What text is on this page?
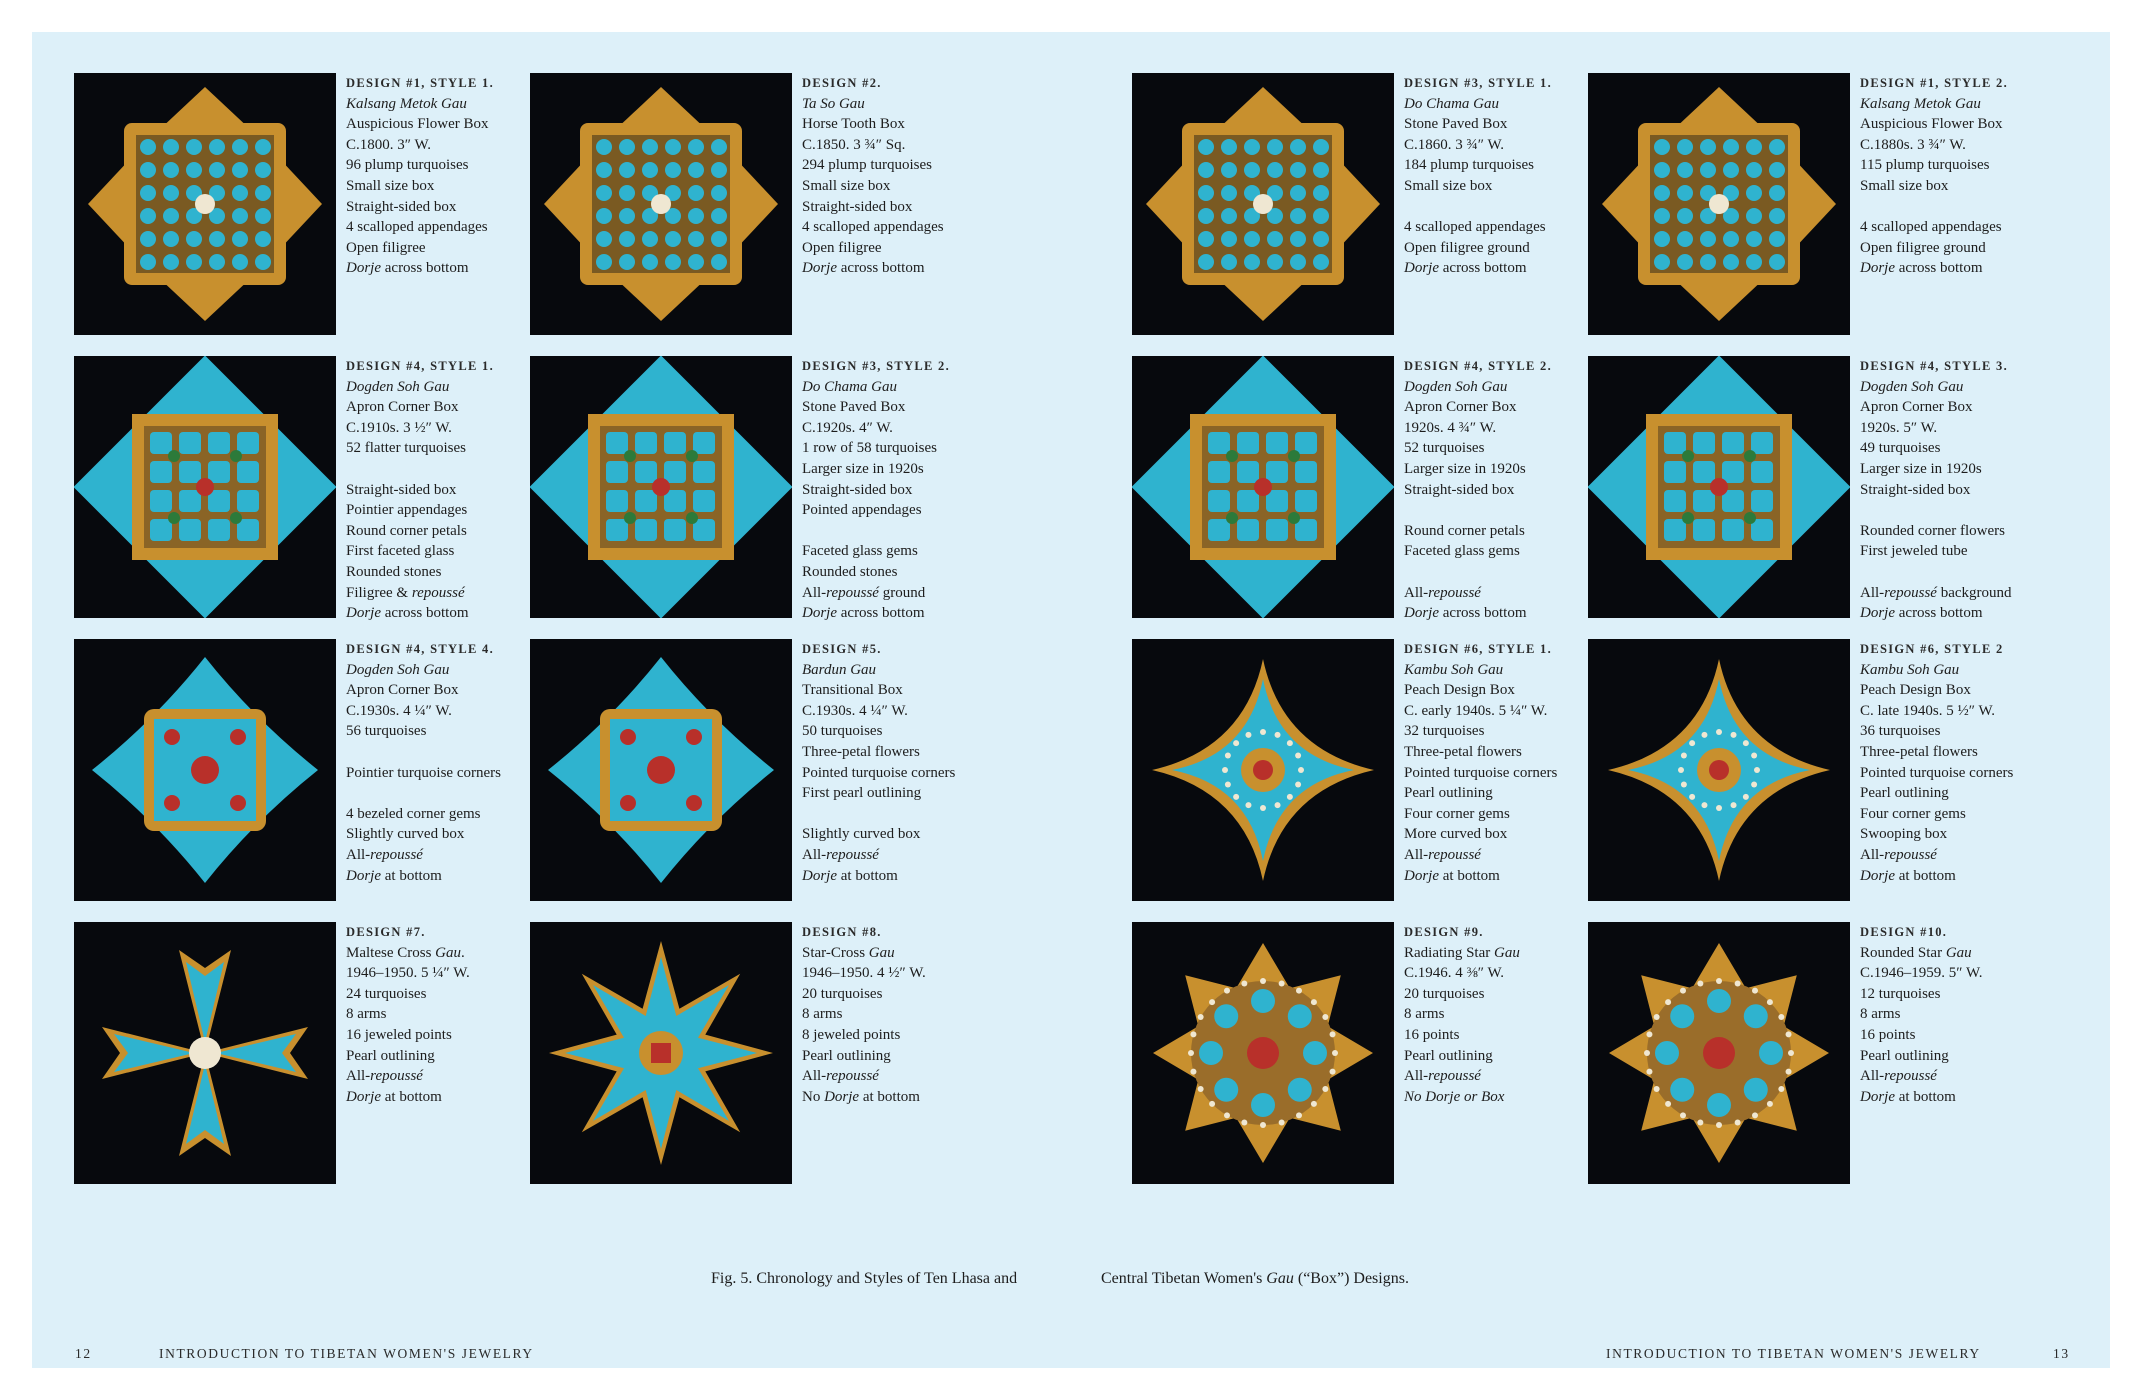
DESIGN #1, STYLE 1.
Kalsang Metok Gau
Auspicious Flower Box
C.1800. 3″ W.
96 plump turquoises
Small size box
Straight-sided box
4 scalloped appendages
Open filigree
Dorje across bottom
DESIGN #2.
Ta So Gau
Horse Tooth Box
C.1850. 3 ¾″ Sq.
294 plump turquoises
Small size box
Straight-sided box
4 scalloped appendages
Open filigree
Dorje across bottom
DESIGN #3, STYLE 1.
Do Chama Gau
Stone Paved Box
C.1860. 3 ¾″ W.
184 plump turquoises
Small size box
4 scalloped appendages
Open filigree ground
Dorje across bottom
DESIGN #1, STYLE 2.
Kalsang Metok Gau
Auspicious Flower Box
C.1880s. 3 ¾″ W.
115 plump turquoises
Small size box
4 scalloped appendages
Open filigree ground
Dorje across bottom
DESIGN #4, STYLE 1.
Dogden Soh Gau
Apron Corner Box
C.1910s. 3 ½″ W.
52 flatter turquoises
Straight-sided box
Pointier appendages
Round corner petals
First faceted glass
Rounded stones
Filigree & repoussé
Dorje across bottom
DESIGN #3, STYLE 2.
Do Chama Gau
Stone Paved Box
C.1920s. 4″ W.
1 row of 58 turquoises
Larger size in 1920s
Straight-sided box
Pointed appendages
Faceted glass gems
Rounded stones
All-repoussé ground
Dorje across bottom
DESIGN #4, STYLE 2.
Dogden Soh Gau
Apron Corner Box
1920s. 4 ¾″ W.
52 turquoises
Larger size in 1920s
Straight-sided box
Round corner petals
Faceted glass gems
All-repoussé
Dorje across bottom
DESIGN #4, STYLE 3.
Dogden Soh Gau
Apron Corner Box
1920s. 5″ W.
49 turquoises
Larger size in 1920s
Straight-sided box
Rounded corner flowers
First jeweled tube
All-repoussé background
Dorje across bottom
DESIGN #4, STYLE 4.
Dogden Soh Gau
Apron Corner Box
C.1930s. 4 ¼″ W.
56 turquoises
Pointier turquoise corners
4 bezeled corner gems
Slightly curved box
All-repoussé
Dorje at bottom
DESIGN #5.
Bardun Gau
Transitional Box
C.1930s. 4 ¼″ W.
50 turquoises
Three-petal flowers
Pointed turquoise corners
First pearl outlining
Slightly curved box
All-repoussé
Dorje at bottom
DESIGN #6, STYLE 1.
Kambu Soh Gau
Peach Design Box
C. early 1940s. 5 ¼″ W.
32 turquoises
Three-petal flowers
Pointed turquoise corners
Pearl outlining
Four corner gems
More curved box
All-repoussé
Dorje at bottom
DESIGN #6, STYLE 2
Kambu Soh Gau
Peach Design Box
C. late 1940s. 5 ½″ W.
36 turquoises
Three-petal flowers
Pointed turquoise corners
Pearl outlining
Four corner gems
Swooping box
All-repoussé
Dorje at bottom
DESIGN #7.
Maltese Cross Gau.
1946–1950. 5 ¼″ W.
24 turquoises
8 arms
16 jeweled points
Pearl outlining
All-repoussé
Dorje at bottom
DESIGN #8.
Star-Cross Gau
1946–1950. 4 ½″ W.
20 turquoises
8 arms
8 jeweled points
Pearl outlining
All-repoussé
No Dorje at bottom
DESIGN #9.
Radiating Star Gau
C.1946. 4 ⅜″ W.
20 turquoises
8 arms
16 points
Pearl outlining
All-repoussé
No Dorje or Box
DESIGN #10.
Rounded Star Gau
C.1946–1959. 5″ W.
12 turquoises
8 arms
16 points
Pearl outlining
All-repoussé
Dorje at bottom
Fig. 5. Chronology and Styles of Ten Lhasa and	Central Tibetan Women's Gau (“Box”) Designs.
12	INTRODUCTION TO TIBETAN WOMEN'S JEWELRY	INTRODUCTION TO TIBETAN WOMEN'S JEWELRY	13
